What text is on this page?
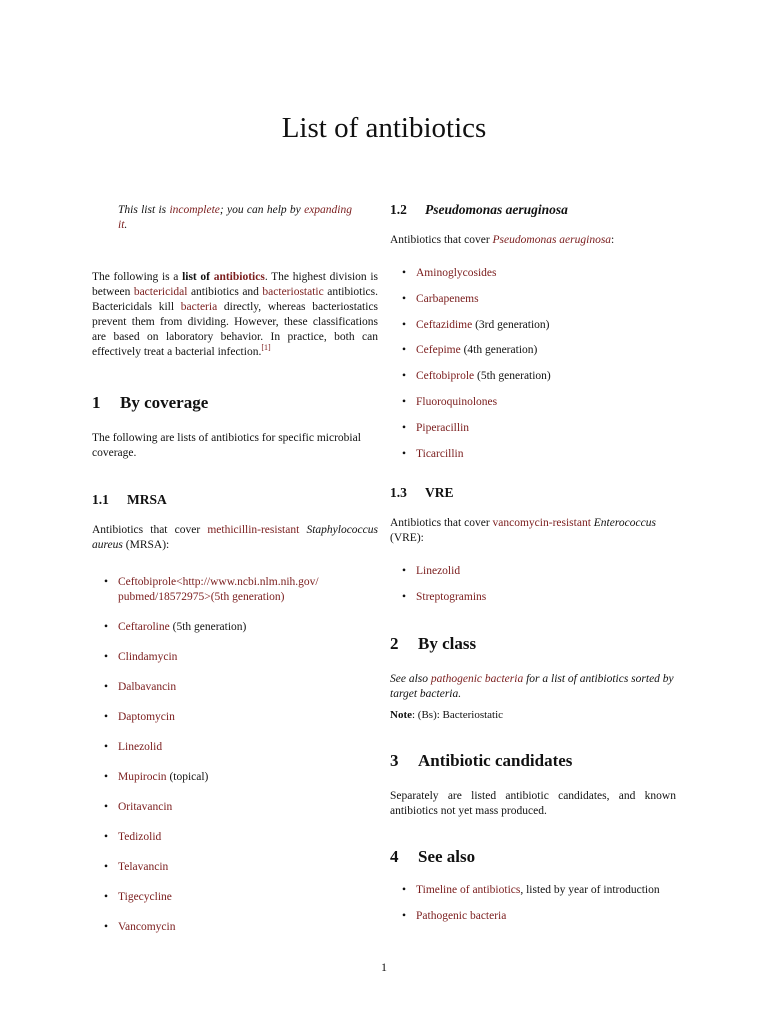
List of antibiotics
This list is incomplete; you can help by expanding it.
The following is a list of antibiotics. The highest division is between bactericidal antibiotics and bacteriostatic antibiotics. Bactericidals kill bacteria directly, whereas bacteriostatics prevent them from dividing. However, these classifications are based on laboratory behavior. In practice, both can effectively treat a bacterial infection.[1]
1 By coverage
The following are lists of antibiotics for specific microbial coverage.
1.1 MRSA
Antibiotics that cover methicillin-resistant Staphylococcus aureus (MRSA):
• Ceftobiprole<http://www.ncbi.nlm.nih.gov/ pubmed/18572975>(5th generation)
• Ceftaroline (5th generation)
• Clindamycin
• Dalbavancin
• Daptomycin
• Linezolid
• Mupirocin (topical)
• Oritavancin
• Tedizolid
• Telavancin
• Tigecycline
• Vancomycin
1.2 Pseudomonas aeruginosa
Antibiotics that cover Pseudomonas aeruginosa:
• Aminoglycosides
• Carbapenems
• Ceftazidime (3rd generation)
• Cefepime (4th generation)
• Ceftobiprole (5th generation)
• Fluoroquinolones
• Piperacillin
• Ticarcillin
1.3 VRE
Antibiotics that cover vancomycin-resistant Enterococcus (VRE):
• Linezolid
• Streptogramins
2 By class
See also pathogenic bacteria for a list of antibiotics sorted by target bacteria.
Note: (Bs): Bacteriostatic
3 Antibiotic candidates
Separately are listed antibiotic candidates, and known antibiotics not yet mass produced.
4 See also
• Timeline of antibiotics, listed by year of introduction
• Pathogenic bacteria
1
